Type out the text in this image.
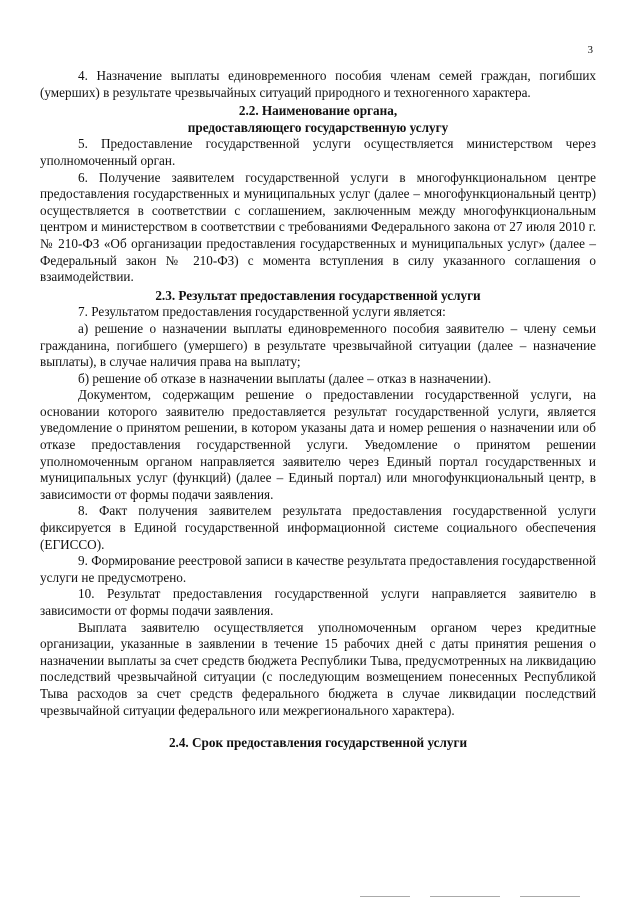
3

4. Назначение выплаты единовременного пособия членам семей граждан, погибших (умерших) в результате чрезвычайных ситуаций природного и техногенного характера.

2.2. Наименование органа,
предоставляющего государственную услугу

5. Предоставление государственной услуги осуществляется министерством через уполномоченный орган.

6. Получение заявителем государственной услуги в многофункциональном центре предоставления государственных и муниципальных услуг (далее – многофункциональный центр) осуществляется в соответствии с соглашением, заключенным между многофункциональным центром и министерством в соответствии с требованиями Федерального закона от 27 июля 2010 г. № 210-ФЗ «Об организации предоставления государственных и муниципальных услуг» (далее – Федеральный закон № 210-ФЗ) с момента вступления в силу указанного соглашения о взаимодействии.

2.3. Результат предоставления государственной услуги

7. Результатом предоставления государственной услуги является:

а) решение о назначении выплаты единовременного пособия заявителю – члену семьи гражданина, погибшего (умершего) в результате чрезвычайной ситуации (далее – назначение выплаты), в случае наличия права на выплату;

б) решение об отказе в назначении выплаты (далее – отказ в назначении).

Документом, содержащим решение о предоставлении государственной услуги, на основании которого заявителю предоставляется результат государственной услуги, является уведомление о принятом решении, в котором указаны дата и номер решения о назначении или об отказе предоставления государственной услуги. Уведомление о принятом решении уполномоченным органом направляется заявителю через Единый портал государственных и муниципальных услуг (функций) (далее – Единый портал) или многофункциональный центр, в зависимости от формы подачи заявления.

8. Факт получения заявителем результата предоставления государственной услуги фиксируется в Единой государственной информационной системе социального обеспечения (ЕГИССО).

9. Формирование реестровой записи в качестве результата предоставления государственной услуги не предусмотрено.

10. Результат предоставления государственной услуги направляется заявителю в зависимости от формы подачи заявления.

Выплата заявителю осуществляется уполномоченным органом через кредитные организации, указанные в заявлении в течение 15 рабочих дней с даты принятия решения о назначении выплаты за счет средств бюджета Республики Тыва, предусмотренных на ликвидацию последствий чрезвычайной ситуации (с последующим возмещением понесенных Республикой Тыва расходов за счет средств федерального бюджета в случае ликвидации последствий чрезвычайной ситуации федерального или межрегионального характера).

2.4. Срок предоставления государственной услуги
